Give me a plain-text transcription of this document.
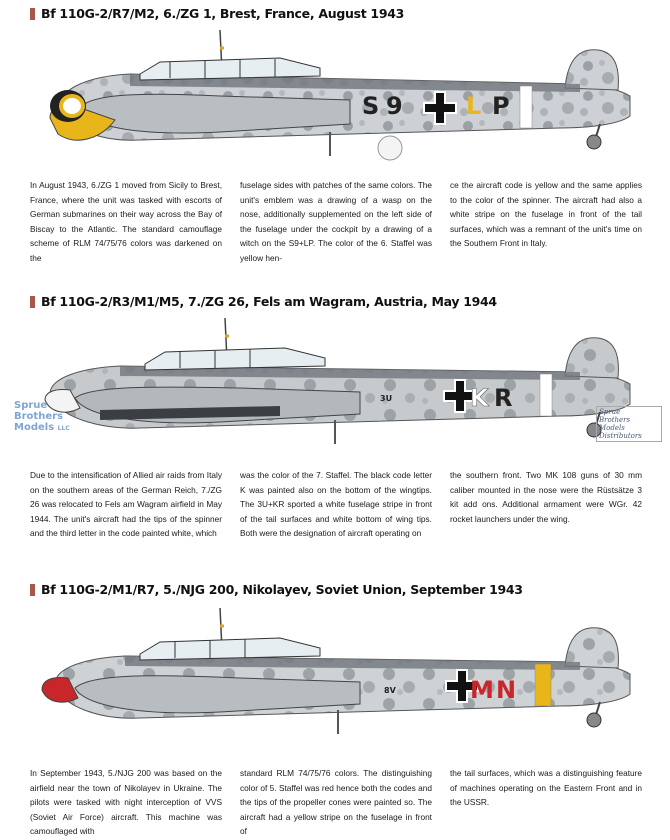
Bf 110G-2/R7/M2, 6./ZG 1, Brest, France, August 1943
S 9	L P
In August 1943, 6./ZG 1 moved from Sicily to Brest, France, where the unit was tasked with escorts of German submarines on their way across the Bay of Biscay to the Atlantic. The standard camouflage scheme of RLM 74/75/76 colors was darkened on the
fuselage sides with patches of the same colors. The unit's emblem was a drawing of a wasp on the nose, additionally supplemented on the left side of the fuselage under the cockpit by a drawing of a witch on the S9+LP. The color of the 6. Staffel was yellow hen-
ce the aircraft code is yellow and the same applies to the color of the spinner. The aircraft had also a white stripe on the fuselage in front of the tail surfaces, which was a remnant of the unit's time on the Southern Front in Italy.
Bf 110G-2/R3/M1/M5, 7./ZG 26, Fels am Wagram, Austria, May 1944
3U	K R
Sprue
Brothers
Models LLC
Sprue
Brothers
Models
Distributors
Due to the intensification of Allied air raids from Italy on the southern areas of the German Reich, 7./ZG 26 was relocated to Fels am Wagram airfield in May 1944. The unit's aircraft had the tips of the spinner and the third letter in the code painted white, which
was the color of the 7. Staffel. The black code letter K was painted also on the bottom of the wingtips. The 3U+KR sported a white fuselage stripe in front of the tail surfaces and white bottom of wing tips. Both were the designation of aircraft operating on
the southern front. Two MK 108 guns of 30 mm caliber mounted in the nose were the Rüstsätze 3 kit add ons. Additional armament were WGr. 42 rocket launchers under the wing.
Bf 110G-2/M1/R7, 5./NJG 200, Nikolayev, Soviet Union, September 1943
8V	M N
In September 1943, 5./NJG 200 was based on the airfield near the town of Nikolayev in Ukraine. The pilots were tasked with night interception of VVS (Soviet Air Force) aircraft. This machine was camouflaged with
standard RLM 74/75/76 colors. The distinguishing color of 5. Staffel was red hence both the codes and the tips of the propeller cones were painted so. The aircraft had a yellow stripe on the fuselage in front of
the tail surfaces, which was a distinguishing feature of machines operating on the Eastern Front and in the USSR.
